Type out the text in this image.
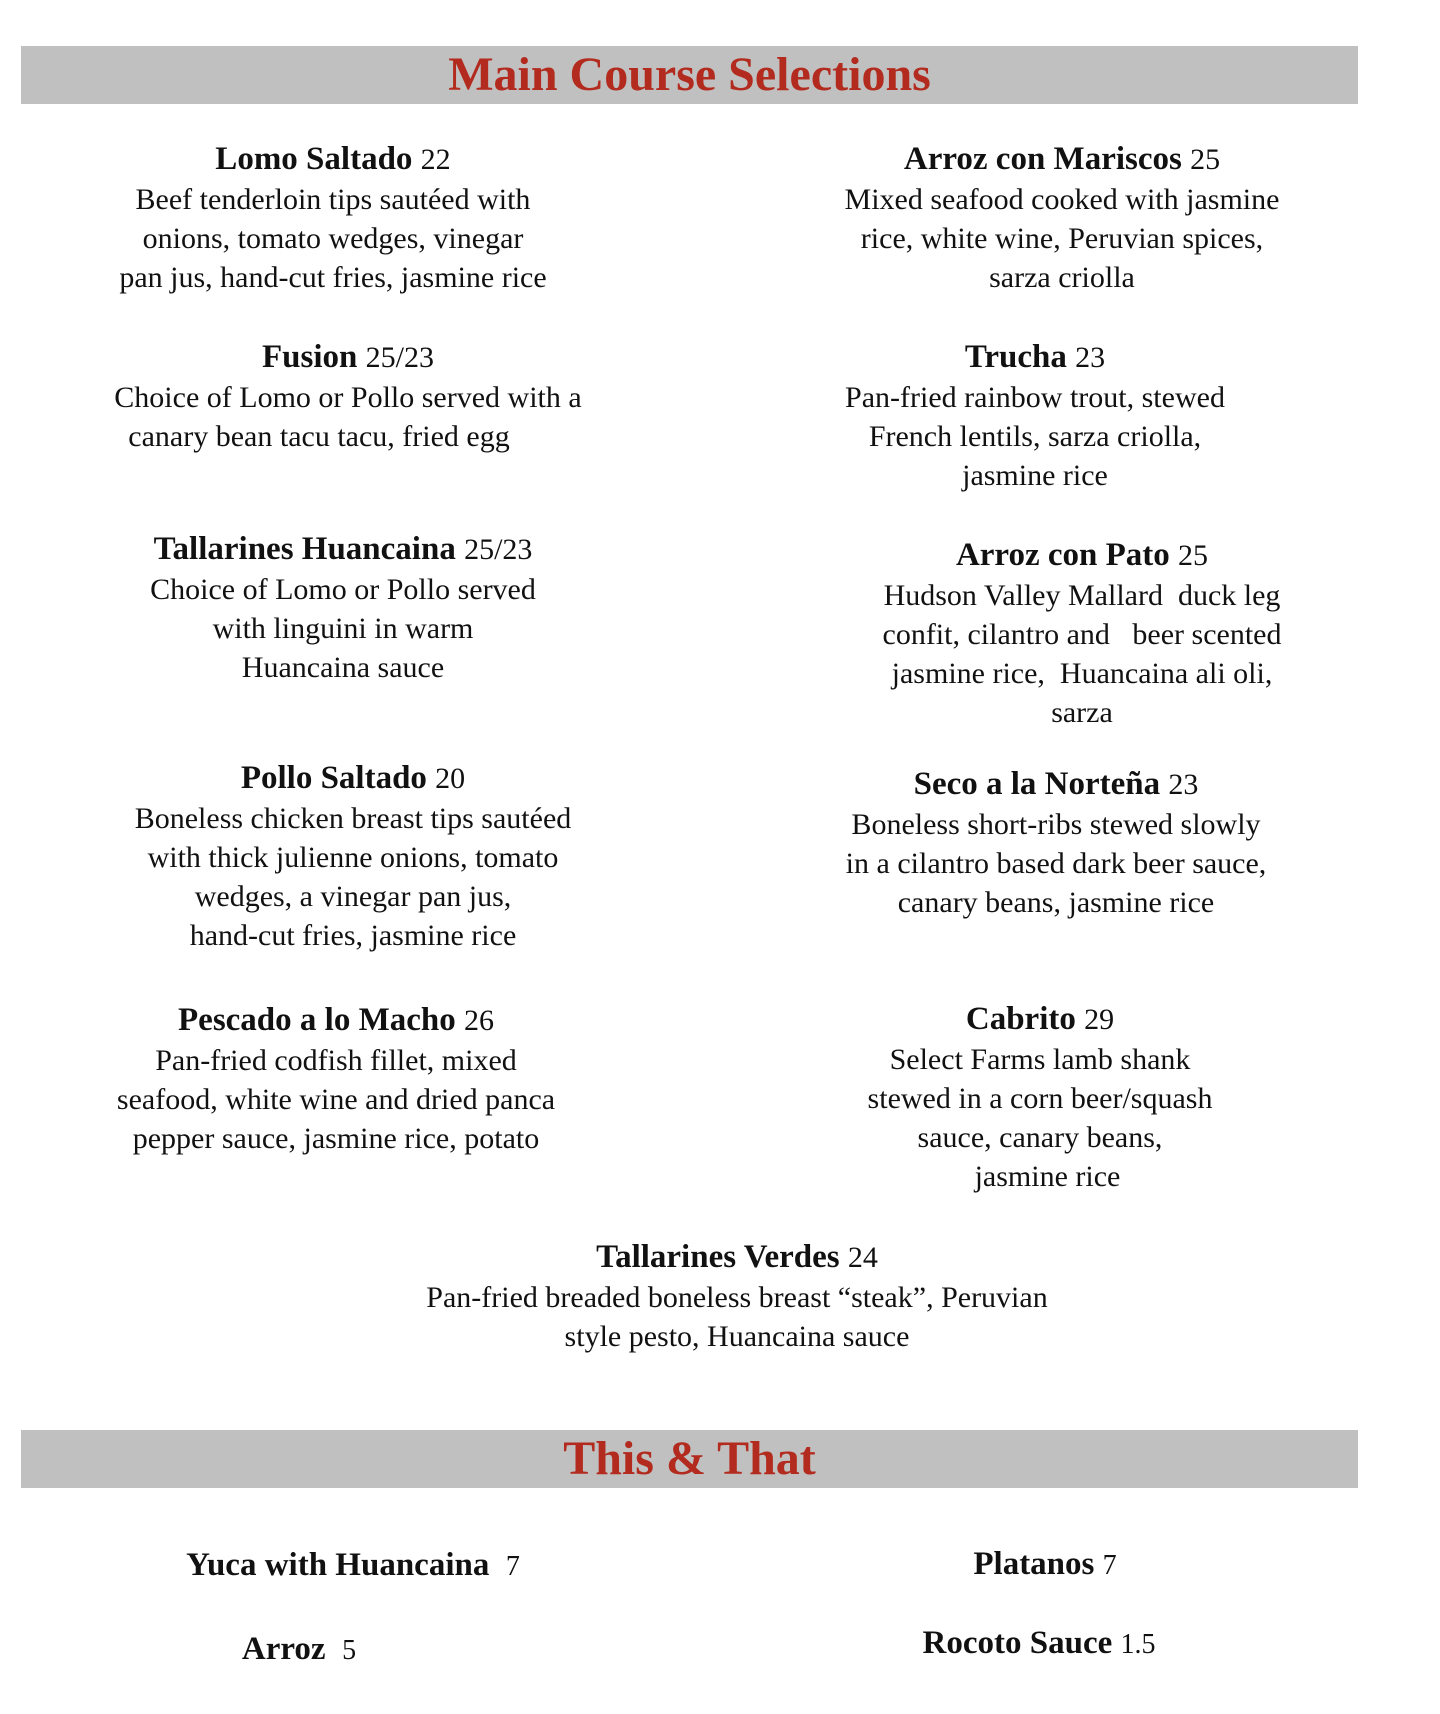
Main Course Selections
Lomo Saltado 22
Beef tenderloin tips sautéed with
onions, tomato wedges, vinegar
pan jus, hand-cut fries, jasmine rice
Arroz con Mariscos 25
Mixed seafood cooked with jasmine
rice, white wine, Peruvian spices,
sarza criolla
Fusion 25/23
Choice of Lomo or Pollo served with a
canary bean tacu tacu, fried egg
Trucha 23
Pan-fried rainbow trout, stewed
French lentils, sarza criolla,
jasmine rice
Tallarines Huancaina 25/23
Choice of Lomo or Pollo served
with linguini in warm
Huancaina sauce
Arroz con Pato 25
Hudson Valley Mallard  duck leg
confit, cilantro and   beer scented
jasmine rice,  Huancaina ali oli,
sarza
Pollo Saltado 20
Boneless chicken breast tips sautéed
with thick julienne onions, tomato
wedges, a vinegar pan jus,
hand-cut fries, jasmine rice
Seco a la Norteña 23
Boneless short-ribs stewed slowly
in a cilantro based dark beer sauce,
canary beans, jasmine rice
Pescado a lo Macho 26
Pan-fried codfish fillet, mixed
seafood, white wine and dried panca
pepper sauce, jasmine rice, potato
Cabrito 29
Select Farms lamb shank
stewed in a corn beer/squash
sauce, canary beans,
jasmine rice
Tallarines Verdes 24
Pan-fried breaded boneless breast “steak”, Peruvian
style pesto, Huancaina sauce
This & That
Yuca with Huancaina 7	Platanos 7
Arroz 5	Rocoto Sauce 1.5
